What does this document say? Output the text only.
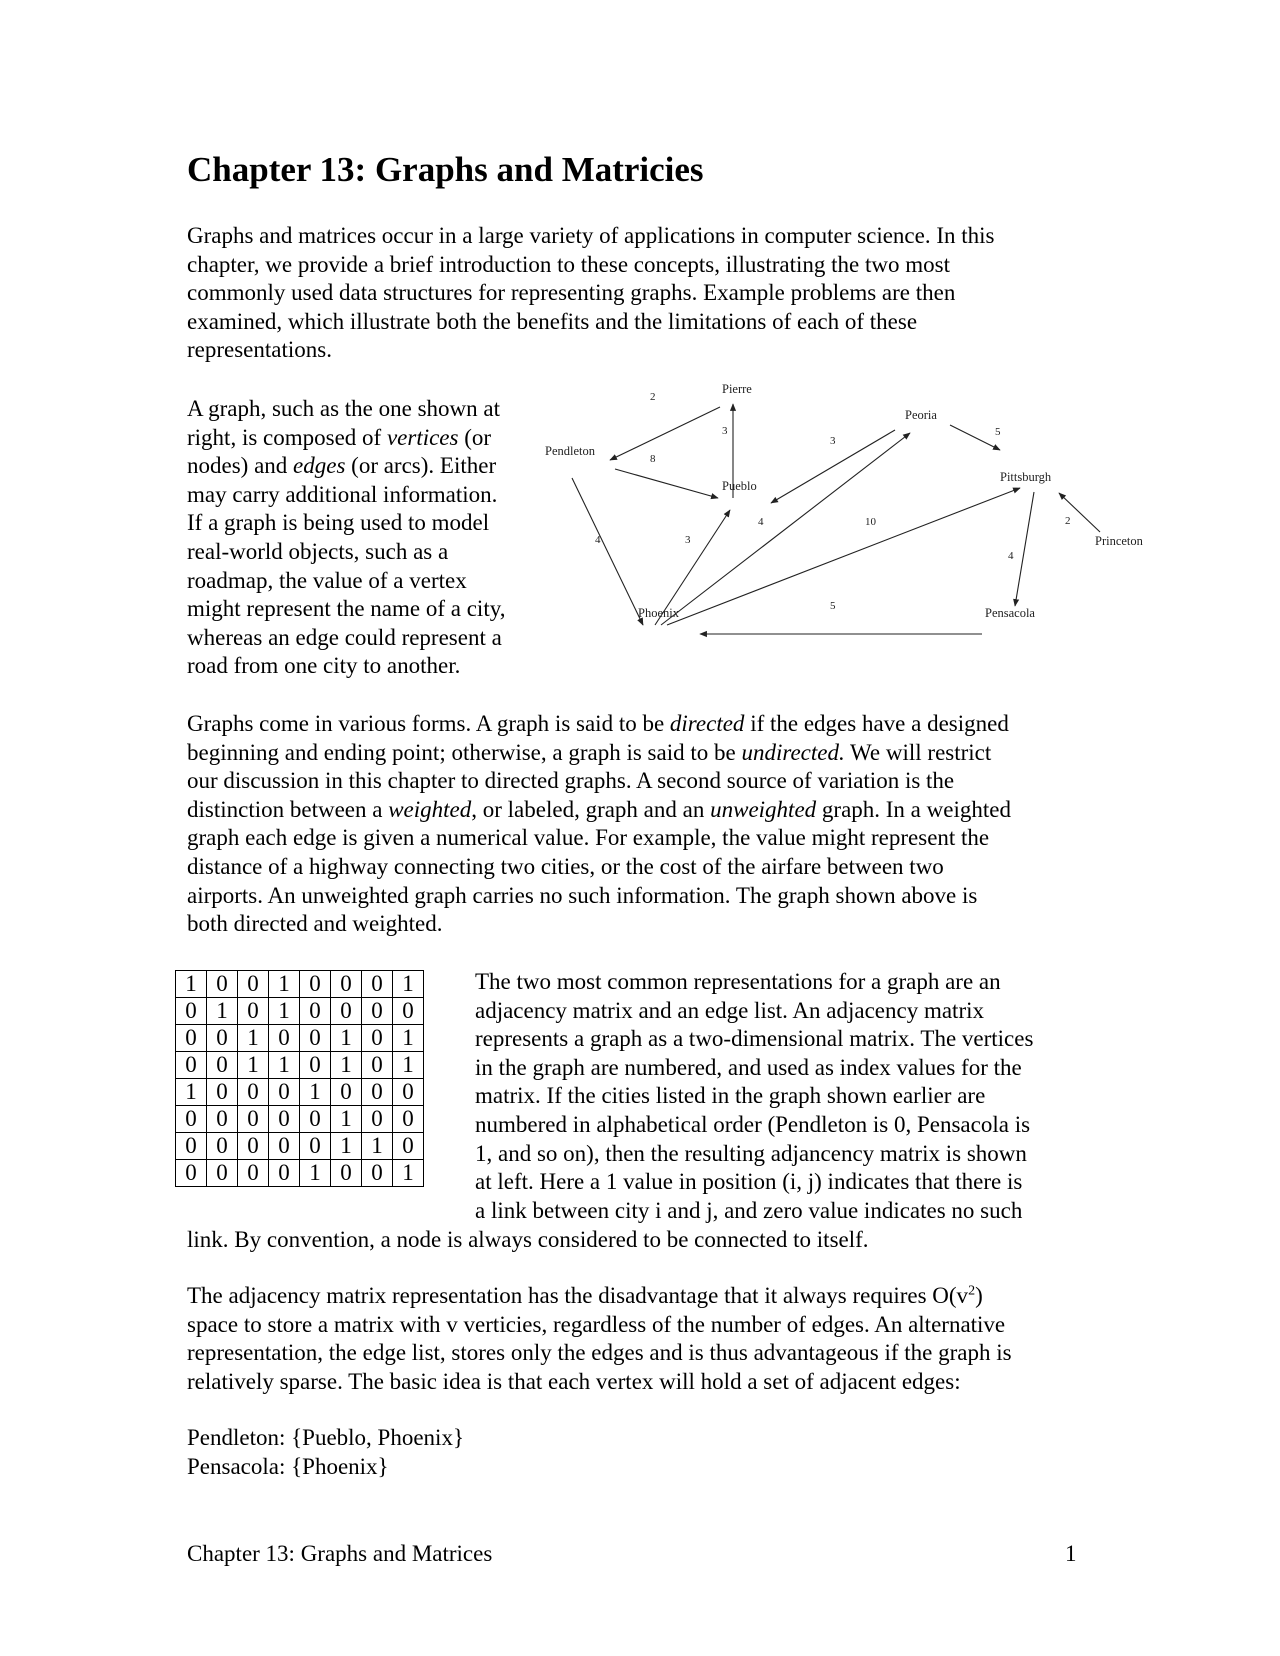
Chapter 13: Graphs and Matricies

Graphs and matrices occur in a large variety of applications in computer science. In this
chapter, we provide a brief introduction to these concepts, illustrating the two most
commonly used data structures for representing graphs. Example problems are then
examined, which illustrate both the benefits and the limitations of each of these
representations.

A graph, such as the one shown at
right, is composed of vertices (or
nodes) and edges (or arcs). Either
may carry additional information.
If a graph is being used to model
real-world objects, such as a
roadmap, the value of a vertex
might represent the name of a city,
whereas an edge could represent a
road from one city to another.

Pierre
Peoria
Pendleton
Pittsburgh
Pueblo
Princeton
Phoenix	Pensacola
2
3
8
3
5
4	3
4	10
4
2
5

Graphs come in various forms. A graph is said to be directed if the edges have a designed
beginning and ending point; otherwise, a graph is said to be undirected. We will restrict
our discussion in this chapter to directed graphs. A second source of variation is the
distinction between a weighted, or labeled, graph and an unweighted graph. In a weighted
graph each edge is given a numerical value. For example, the value might represent the
distance of a highway connecting two cities, or the cost of the airfare between two
airports. An unweighted graph carries no such information. The graph shown above is
both directed and weighted.

1	0	0	1	0	0	0	1
0	1	0	1	0	0	0	0
0	0	1	0	0	1	0	1
0	0	1	1	0	1	0	1
1	0	0	0	1	0	0	0
0	0	0	0	0	1	0	0
0	0	0	0	0	1	1	0
0	0	0	0	1	0	0	1

The two most common representations for a graph are an
adjacency matrix and an edge list. An adjacency matrix
represents a graph as a two-dimensional matrix. The vertices
in the graph are numbered, and used as index values for the
matrix. If the cities listed in the graph shown earlier are
numbered in alphabetical order (Pendleton is 0, Pensacola is
1, and so on), then the resulting adjancency matrix is shown
at left. Here a 1 value in position (i, j) indicates that there is
a link between city i and j, and zero value indicates no such

link. By convention, a node is always considered to be connected to itself.

The adjacency matrix representation has the disadvantage that it always requires $O(v^2)$
space to store a matrix with v verticies, regardless of the number of edges. An alternative
representation, the edge list, stores only the edges and is thus advantageous if the graph is
relatively sparse. The basic idea is that each vertex will hold a set of adjacent edges:

Pendleton: {Pueblo, Phoenix}
Pensacola: {Phoenix}

Chapter 13: Graphs and Matrices	1
